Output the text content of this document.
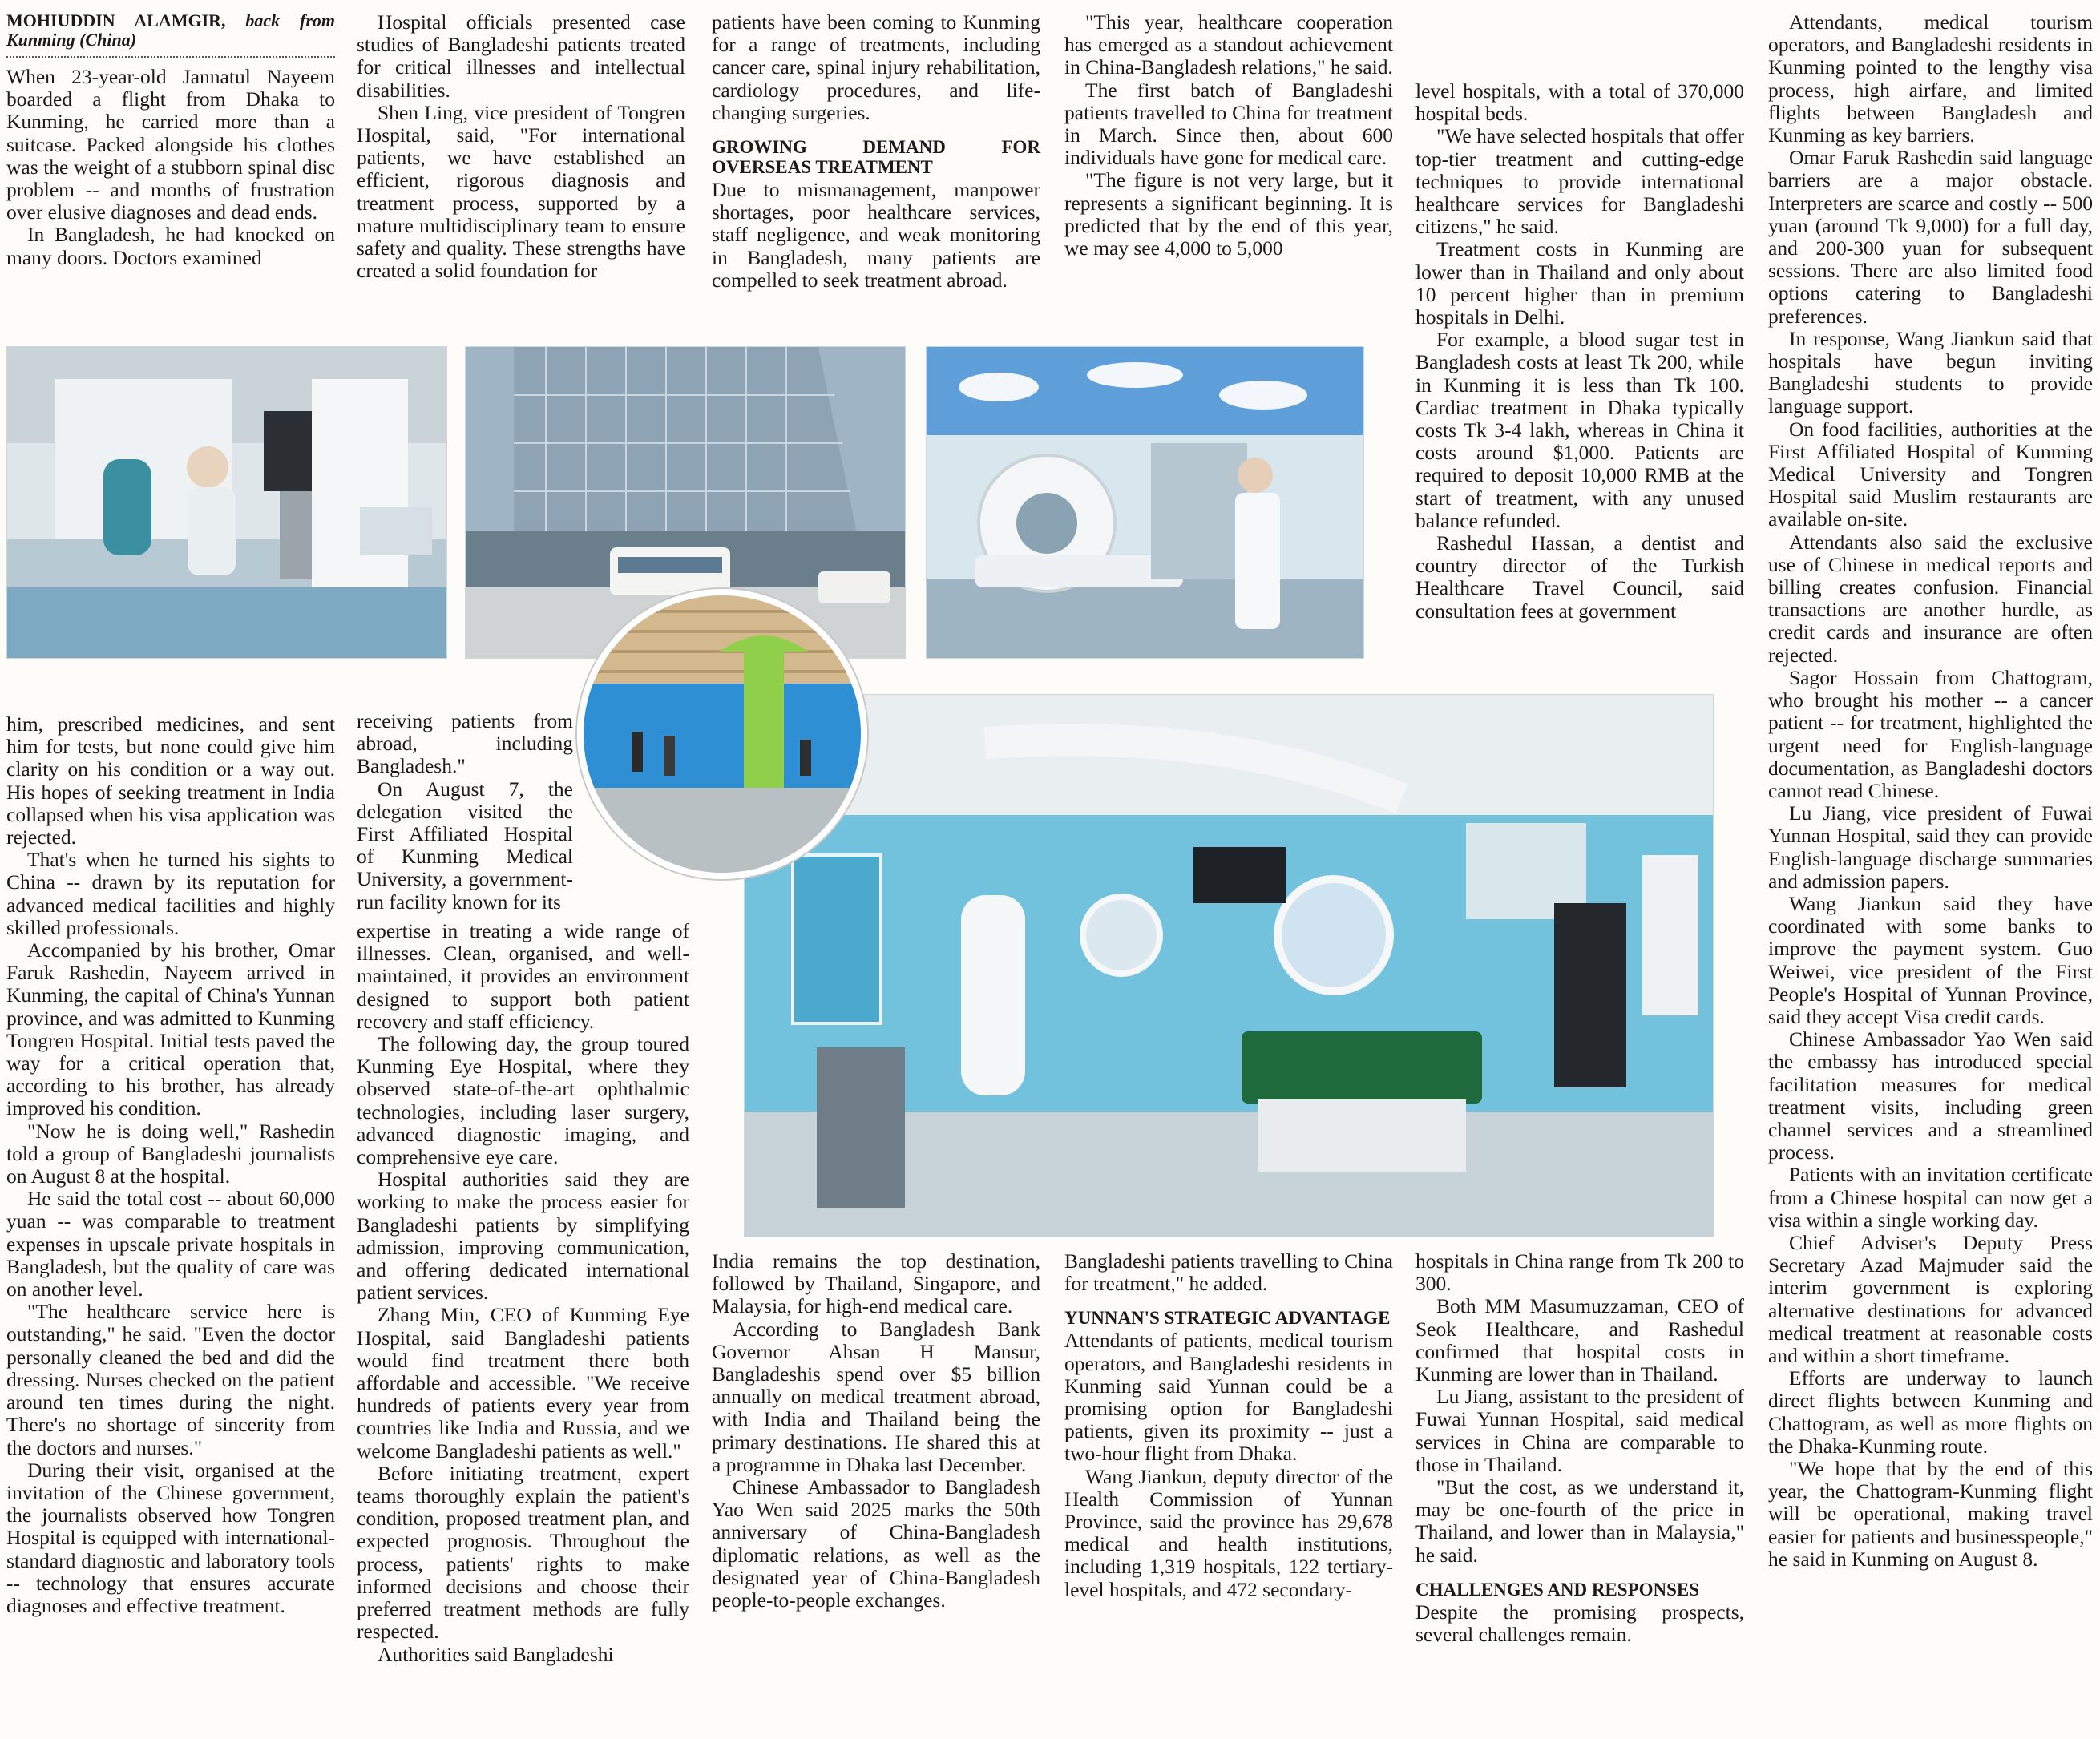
MOHIUDDIN ALAMGIR, back from Kunming (China)

When 23-year-old Jannatul Nayeem boarded a flight from Dhaka to Kunming, he carried more than a suitcase. Packed alongside his clothes was the weight of a stubborn spinal disc problem -- and months of frustration over elusive diagnoses and dead ends.

In Bangladesh, he had knocked on many doors. Doctors examined

Hospital officials presented case studies of Bangladeshi patients treated for critical illnesses and intellectual disabilities.

Shen Ling, vice president of Tongren Hospital, said, "For international patients, we have established an efficient, rigorous diagnosis and treatment process, supported by a mature multidisciplinary team to ensure safety and quality. These strengths have created a solid foundation for

patients have been coming to Kunming for a range of treatments, including cancer care, spinal injury rehabilitation, cardiology procedures, and life-changing surgeries.

GROWING DEMAND FOR OVERSEAS TREATMENT

Due to mismanagement, manpower shortages, poor healthcare services, staff negligence, and weak monitoring in Bangladesh, many patients are compelled to seek treatment abroad.

"This year, healthcare cooperation has emerged as a standout achievement in China-Bangladesh relations," he said.

The first batch of Bangladeshi patients travelled to China for treatment in March. Since then, about 600 individuals have gone for medical care.

"The figure is not very large, but it represents a significant beginning. It is predicted that by the end of this year, we may see 4,000 to 5,000

level hospitals, with a total of 370,000 hospital beds.

"We have selected hospitals that offer top-tier treatment and cutting-edge techniques to provide international healthcare services for Bangladeshi citizens," he said.

Treatment costs in Kunming are lower than in Thailand and only about 10 percent higher than in premium hospitals in Delhi.

For example, a blood sugar test in Bangladesh costs at least Tk 200, while in Kunming it is less than Tk 100. Cardiac treatment in Dhaka typically costs Tk 3-4 lakh, whereas in China it costs around $1,000. Patients are required to deposit 10,000 RMB at the start of treatment, with any unused balance refunded.

Rashedul Hassan, a dentist and country director of the Turkish Healthcare Travel Council, said consultation fees at government

Attendants, medical tourism operators, and Bangladeshi residents in Kunming pointed to the lengthy visa process, high airfare, and limited flights between Bangladesh and Kunming as key barriers.

Omar Faruk Rashedin said language barriers are a major obstacle. Interpreters are scarce and costly -- 500 yuan (around Tk 9,000) for a full day, and 200-300 yuan for subsequent sessions. There are also limited food options catering to Bangladeshi preferences.

In response, Wang Jiankun said that hospitals have begun inviting Bangladeshi students to provide language support.

On food facilities, authorities at the First Affiliated Hospital of Kunming Medical University and Tongren Hospital said Muslim restaurants are available on-site.

Attendants also said the exclusive use of Chinese in medical reports and billing creates confusion. Financial transactions are another hurdle, as credit cards and insurance are often rejected.

Sagor Hossain from Chattogram, who brought his mother -- a cancer patient -- for treatment, highlighted the urgent need for English-language documentation, as Bangladeshi doctors cannot read Chinese.

Lu Jiang, vice president of Fuwai Yunnan Hospital, said they can provide English-language discharge summaries and admission papers.

Wang Jiankun said they have coordinated with some banks to improve the payment system. Guo Weiwei, vice president of the First People's Hospital of Yunnan Province, said they accept Visa credit cards.

Chinese Ambassador Yao Wen said the embassy has introduced special facilitation measures for medical treatment visits, including green channel services and a streamlined process.

Patients with an invitation certificate from a Chinese hospital can now get a visa within a single working day.

Chief Adviser's Deputy Press Secretary Azad Majmuder said the interim government is exploring alternative destinations for advanced medical treatment at reasonable costs and within a short timeframe.

Efforts are underway to launch direct flights between Kunming and Chattogram, as well as more flights on the Dhaka-Kunming route.

"We hope that by the end of this year, the Chattogram-Kunming flight will be operational, making travel easier for patients and businesspeople," he said in Kunming on August 8.

him, prescribed medicines, and sent him for tests, but none could give him clarity on his condition or a way out. His hopes of seeking treatment in India collapsed when his visa application was rejected.

That's when he turned his sights to China -- drawn by its reputation for advanced medical facilities and highly skilled professionals.

Accompanied by his brother, Omar Faruk Rashedin, Nayeem arrived in Kunming, the capital of China's Yunnan province, and was admitted to Kunming Tongren Hospital. Initial tests paved the way for a critical operation that, according to his brother, has already improved his condition.

"Now he is doing well," Rashedin told a group of Bangladeshi journalists on August 8 at the hospital.

He said the total cost -- about 60,000 yuan -- was comparable to treatment expenses in upscale private hospitals in Bangladesh, but the quality of care was on another level.

"The healthcare service here is outstanding," he said. "Even the doctor personally cleaned the bed and did the dressing. Nurses checked on the patient around ten times during the night. There's no shortage of sincerity from the doctors and nurses."

During their visit, organised at the invitation of the Chinese government, the journalists observed how Tongren Hospital is equipped with international-standard diagnostic and laboratory tools -- technology that ensures accurate diagnoses and effective treatment.

receiving patients from abroad, including Bangladesh."

On August 7, the delegation visited the First Affiliated Hospital of Kunming Medical University, a government-run facility known for its

expertise in treating a wide range of illnesses. Clean, organised, and well-maintained, it provides an environment designed to support both patient recovery and staff efficiency.

The following day, the group toured Kunming Eye Hospital, where they observed state-of-the-art ophthalmic technologies, including laser surgery, advanced diagnostic imaging, and comprehensive eye care.

Hospital authorities said they are working to make the process easier for Bangladeshi patients by simplifying admission, improving communication, and offering dedicated international patient services.

Zhang Min, CEO of Kunming Eye Hospital, said Bangladeshi patients would find treatment there both affordable and accessible. "We receive hundreds of patients every year from countries like India and Russia, and we welcome Bangladeshi patients as well."

Before initiating treatment, expert teams thoroughly explain the patient's condition, proposed treatment plan, and expected prognosis. Throughout the process, patients' rights to make informed decisions and choose their preferred treatment methods are fully respected.

Authorities said Bangladeshi

India remains the top destination, followed by Thailand, Singapore, and Malaysia, for high-end medical care.

According to Bangladesh Bank Governor Ahsan H Mansur, Bangladeshis spend over $5 billion annually on medical treatment abroad, with India and Thailand being the primary destinations. He shared this at a programme in Dhaka last December.

Chinese Ambassador to Bangladesh Yao Wen said 2025 marks the 50th anniversary of China-Bangladesh diplomatic relations, as well as the designated year of China-Bangladesh people-to-people exchanges.

Bangladeshi patients travelling to China for treatment," he added.

YUNNAN'S STRATEGIC ADVANTAGE

Attendants of patients, medical tourism operators, and Bangladeshi residents in Kunming said Yunnan could be a promising option for Bangladeshi patients, given its proximity -- just a two-hour flight from Dhaka.

Wang Jiankun, deputy director of the Health Commission of Yunnan Province, said the province has 29,678 medical and health institutions, including 1,319 hospitals, 122 tertiary-level hospitals, and 472 secondary-

hospitals in China range from Tk 200 to 300.

Both MM Masumuzzaman, CEO of Seok Healthcare, and Rashedul confirmed that hospital costs in Kunming are lower than in Thailand.

Lu Jiang, assistant to the president of Fuwai Yunnan Hospital, said medical services in China are comparable to those in Thailand.

"But the cost, as we understand it, may be one-fourth of the price in Thailand, and lower than in Malaysia," he said.

CHALLENGES AND RESPONSES

Despite the promising prospects, several challenges remain.
